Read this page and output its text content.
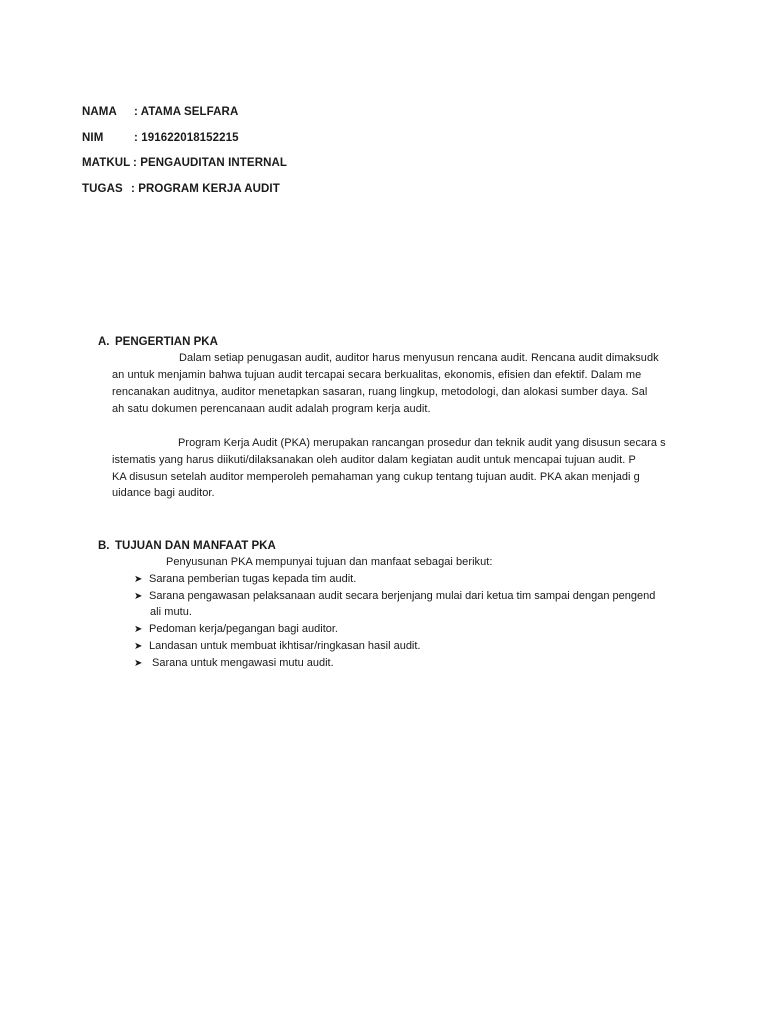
NAMA : ATAMA SELFARA
NIM	: 191622018152215
MATKUL : PENGAUDITAN INTERNAL
TUGAS : PROGRAM KERJA AUDIT
A. PENGERTIAN PKA
Dalam setiap penugasan audit, auditor harus menyusun rencana audit. Rencana audit dimaksudk
an untuk menjamin bahwa tujuan audit tercapai secara berkualitas, ekonomis, efisien dan efektif. Dalam me
rencanakan auditnya, auditor menetapkan sasaran, ruang lingkup, metodologi, dan alokasi sumber daya. Sal
ah satu dokumen perencanaan audit adalah program kerja audit.
Program Kerja Audit (PKA) merupakan rancangan prosedur dan teknik audit yang disusun secara s
istematis yang harus diikuti/dilaksanakan oleh auditor dalam kegiatan audit untuk mencapai tujuan audit. P
KA disusun setelah auditor memperoleh pemahaman yang cukup tentang tujuan audit. PKA akan menjadi g
uidance bagi auditor.
B. TUJUAN DAN MANFAAT PKA
Penyusunan PKA mempunyai tujuan dan manfaat sebagai berikut:
➤ Sarana pemberian tugas kepada tim audit.
➤ Sarana pengawasan pelaksanaan audit secara berjenjang mulai dari ketua tim sampai dengan pengend
ali mutu.
➤ Pedoman kerja/pegangan bagi auditor.
➤ Landasan untuk membuat ikhtisar/ringkasan hasil audit.
➤ Sarana untuk mengawasi mutu audit.
